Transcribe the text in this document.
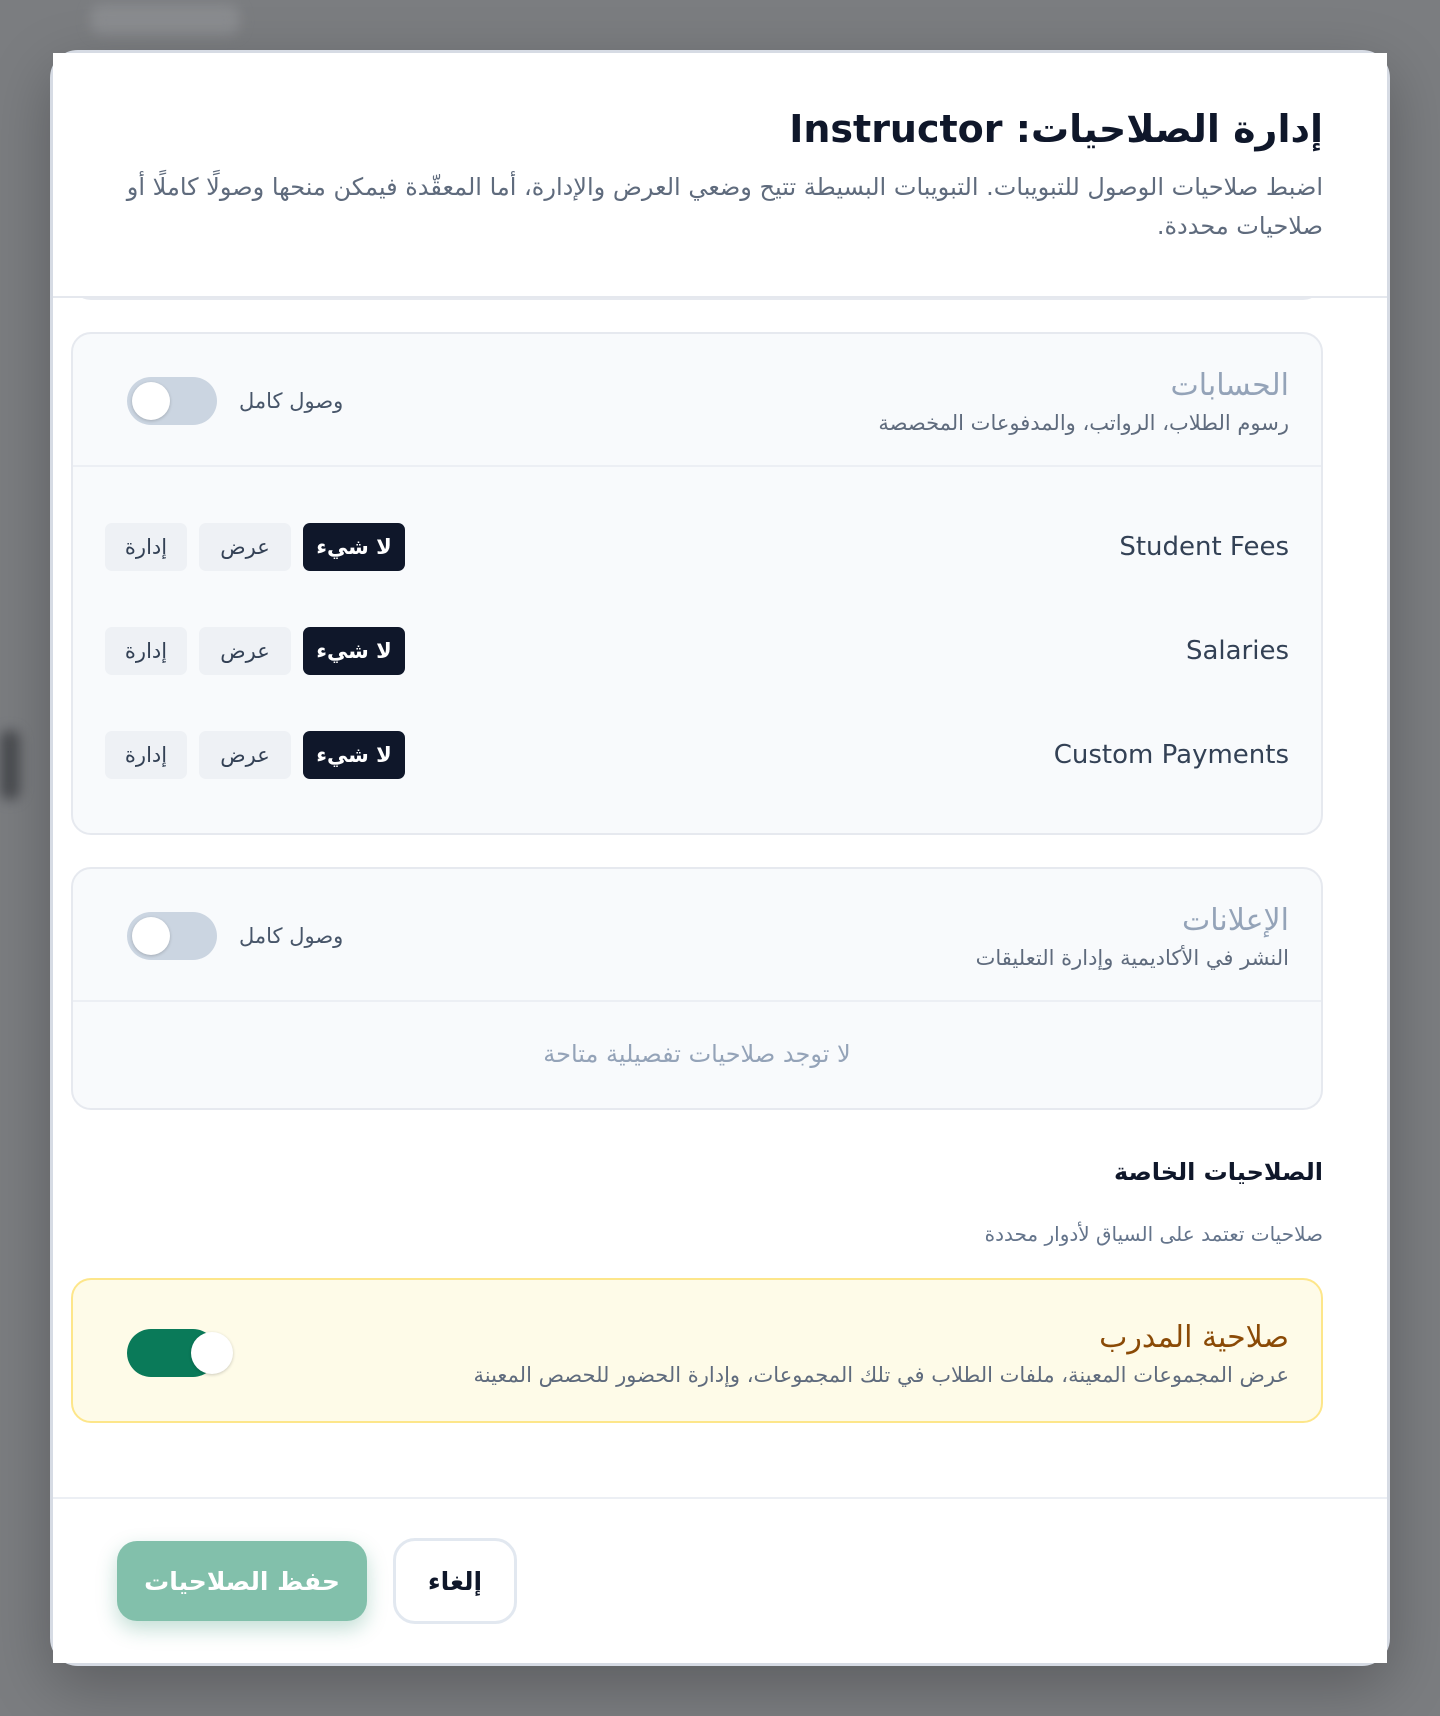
إدارة الصلاحيات: Instructor

اضبط صلاحيات الوصول للتبويبات. التبويبات البسيطة تتيح وضعي العرض والإدارة، أما المعقّدة فيمكن منحها وصولًا كاملًا أو صلاحيات محددة.

الحسابات
رسوم الطلاب، الرواتب، والمدفوعات المخصصة
وصول كامل
Student Fees
لا شيء
عرض
إدارة
Salaries
لا شيء
عرض
إدارة
Custom Payments
لا شيء
عرض
إدارة
الإعلانات
النشر في الأكاديمية وإدارة التعليقات
وصول كامل
لا توجد صلاحيات تفصيلية متاحة
الصلاحيات الخاصة

صلاحيات تعتمد على السياق لأدوار محددة

صلاحية المدرب
عرض المجموعات المعينة، ملفات الطلاب في تلك المجموعات، وإدارة الحضور للحصص المعينة
إلغاء
حفظ الصلاحيات
